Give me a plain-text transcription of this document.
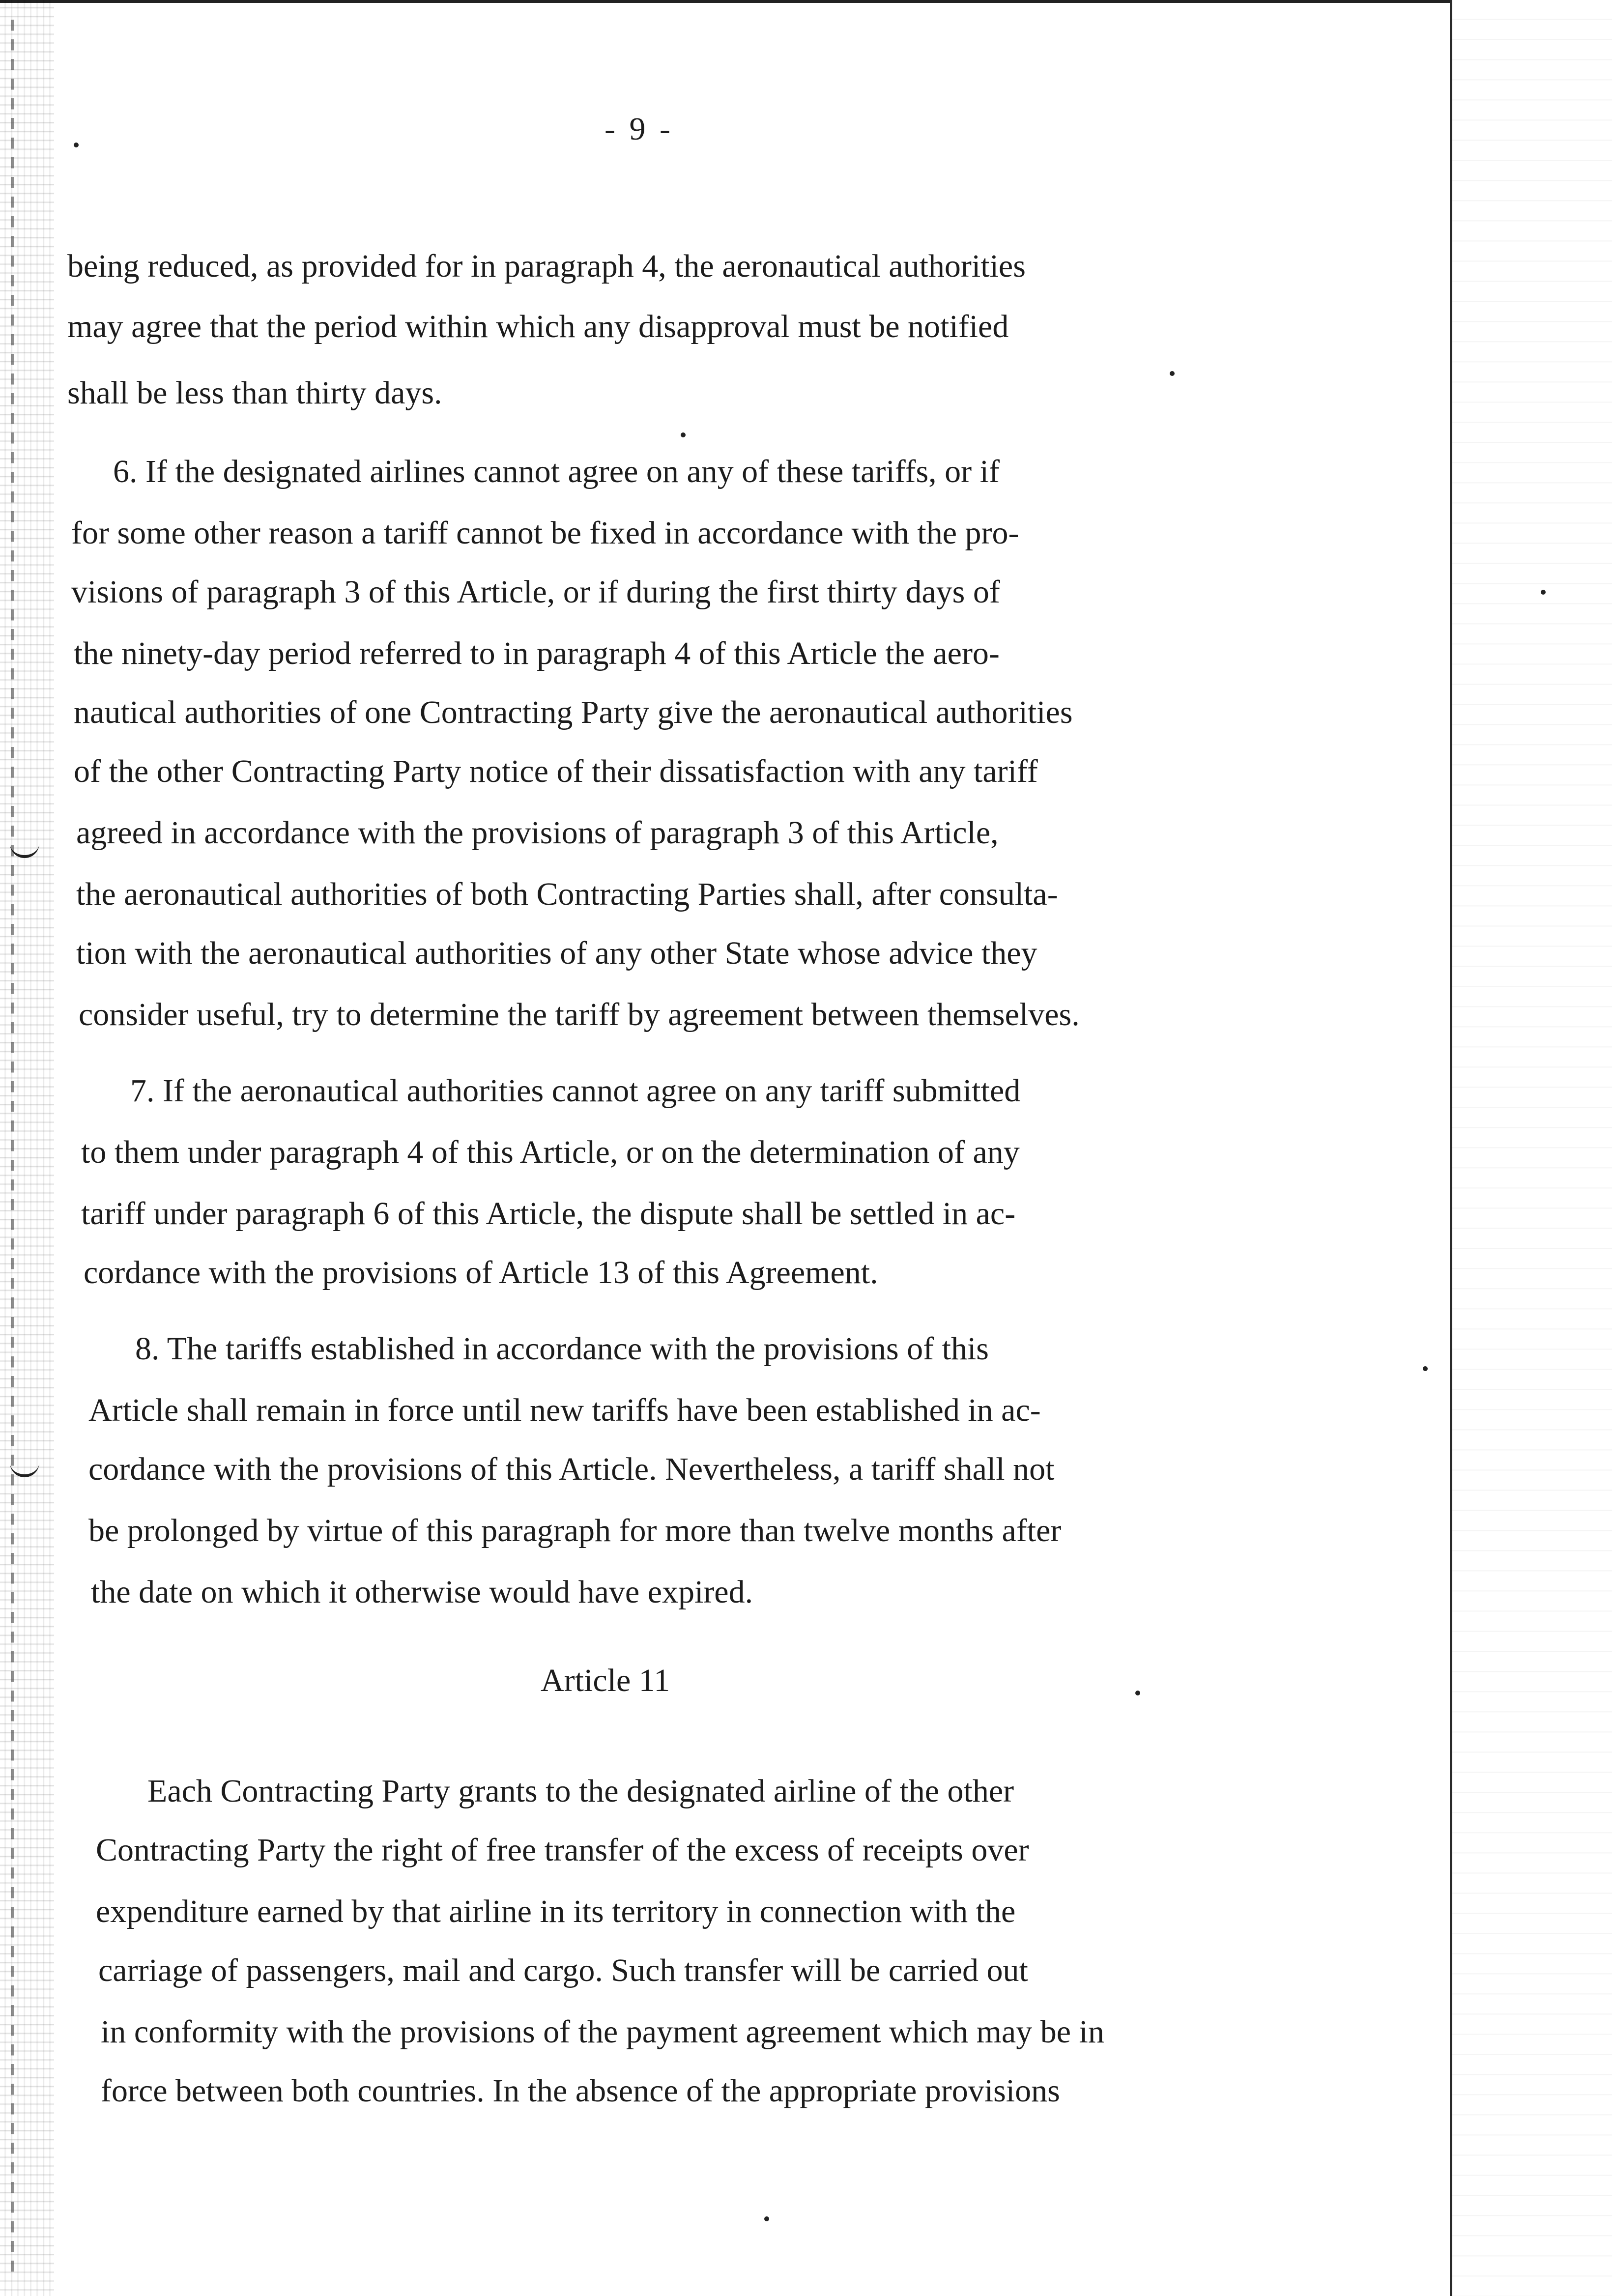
- 9 -
being reduced, as provided for in paragraph 4, the aeronautical authorities
may agree that the period within which any disapproval must be notified
shall be less than thirty days.
6. If the designated airlines cannot agree on any of these tariffs, or if
for some other reason a tariff cannot be fixed in accordance with the pro-
visions of paragraph 3 of this Article, or if during the first thirty days of
the ninety-day period referred to in paragraph 4 of this Article the aero-
nautical authorities of one Contracting Party give the aeronautical authorities
of the other Contracting Party notice of their dissatisfaction with any tariff
agreed in accordance with the provisions of paragraph 3 of this Article,
the aeronautical authorities of both Contracting Parties shall, after consulta-
tion with the aeronautical authorities of any other State whose advice they
consider useful, try to determine the tariff by agreement between themselves.
7. If the aeronautical authorities cannot agree on any tariff submitted
to them under paragraph 4 of this Article, or on the determination of any
tariff under paragraph 6 of this Article, the dispute shall be settled in ac-
cordance with the provisions of Article 13 of this Agreement.
8. The tariffs established in accordance with the provisions of this
Article shall remain in force until new tariffs have been established in ac-
cordance with the provisions of this Article. Nevertheless, a tariff shall not
be prolonged by virtue of this paragraph for more than twelve months after
the date on which it otherwise would have expired.
Article 11
Each Contracting Party grants to the designated airline of the other
Contracting Party the right of free transfer of the excess of receipts over
expenditure earned by that airline in its territory in connection with the
carriage of passengers, mail and cargo. Such transfer will be carried out
in conformity with the provisions of the payment agreement which may be in
force between both countries. In the absence of the appropriate provisions
